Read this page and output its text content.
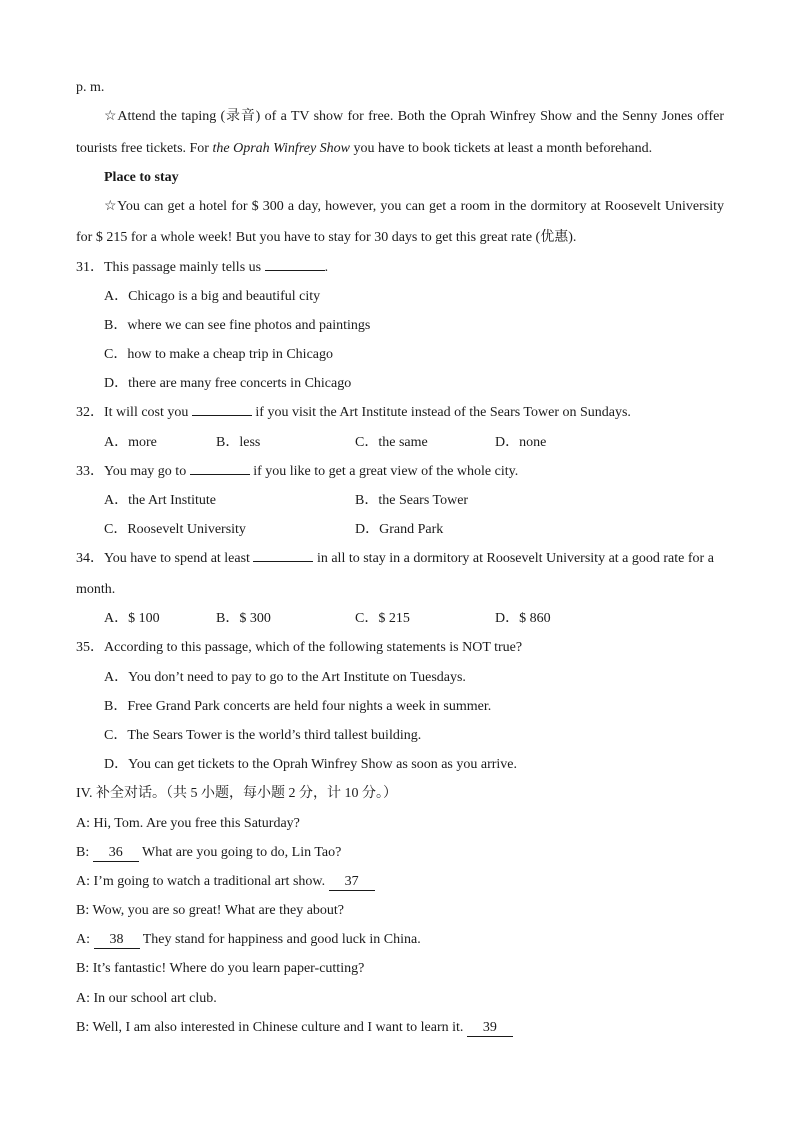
p. m.
☆Attend the taping (录音) of a TV show for free. Both the Oprah Winfrey Show and the Senny Jones offer
tourists free tickets. For the Oprah Winfrey Show you have to book tickets at least a month beforehand.
Place to stay
☆You can get a hotel for $ 300 a day, however, you can get a room in the dormitory at Roosevelt University
for $ 215 for a whole week! But you have to stay for 30 days to get this great rate (优惠).
31．This passage mainly tells us	.
A．Chicago is a big and beautiful city
B．where we can see fine photos and paintings
C．how to make a cheap trip in Chicago
D．there are many free concerts in Chicago
32．It will cost you	if you visit the Art Institute instead of the Sears Tower on Sundays.
A．more	B．less	C．the same	D．none
33．You may go to	if you like to get a great view of the whole city.
A．the Art Institute	B．the Sears Tower
C．Roosevelt University	D．Grand Park
34．You have to spend at least	in all to stay in a dormitory at Roosevelt University at a good rate for a
month.
A．$ 100	B．$ 300	C．$ 215	D．$ 860
35．According to this passage, which of the following statements is NOT true?
A．You don’t need to pay to go to the Art Institute on Tuesdays.
B．Free Grand Park concerts are held four nights a week in summer.
C．The Sears Tower is the world’s third tallest building.
D．You can get tickets to the Oprah Winfrey Show as soon as you arrive.
IV. 补全对话。（共 5 小题，每小题 2 分，计 10 分。）
A: Hi, Tom. Are you free this Saturday?
B: 36 What are you going to do, Lin Tao?
A: I’m going to watch a traditional art show. 37
B: Wow, you are so great! What are they about?
A: 38 They stand for happiness and good luck in China.
B: It’s fantastic! Where do you learn paper-cutting?
A: In our school art club.
B: Well, I am also interested in Chinese culture and I want to learn it. 39
